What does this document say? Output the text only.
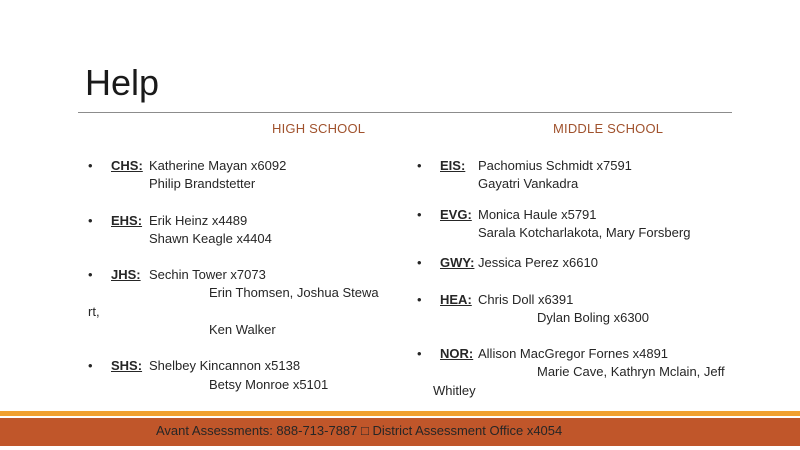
Help
HIGH SCHOOL	MIDDLE SCHOOL
• CHS: Katherine Mayan x6092
Philip Brandstetter
• EHS: Erik Heinz x4489
Shawn Keagle x4404
• JHS: Sechin Tower x7073
Erin Thomsen, Joshua Stewa
rt,
Ken Walker
• SHS: Shelbey Kincannon x5138
Betsy Monroe x5101
• EIS: Pachomius Schmidt x7591
Gayatri Vankadra
• EVG: Monica Haule x5791
Sarala Kotcharlakota, Mary Forsberg
• GWY: Jessica Perez x6610
• HEA: Chris Doll x6391
Dylan Boling x6300
• NOR: Allison MacGregor Fornes x4891
Marie Cave, Kathryn Mclain, Jeff
Whitley
Avant Assessments: 888-713-7887 □ District Assessment Office x4054
